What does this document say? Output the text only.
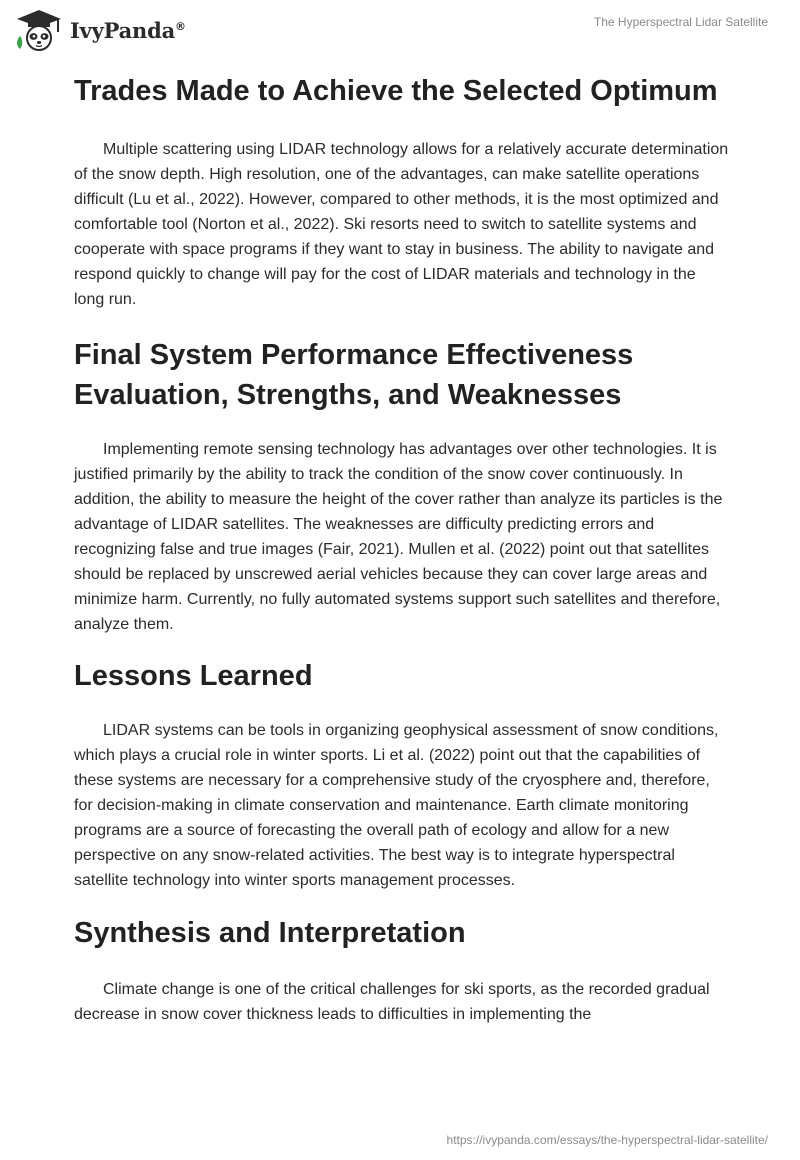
IvyPanda®	The Hyperspectral Lidar Satellite
Trades Made to Achieve the Selected Optimum

Multiple scattering using LIDAR technology allows for a relatively accurate determination of the snow depth. High resolution, one of the advantages, can make satellite operations difficult (Lu et al., 2022). However, compared to other methods, it is the most optimized and comfortable tool (Norton et al., 2022). Ski resorts need to switch to satellite systems and cooperate with space programs if they want to stay in business. The ability to navigate and respond quickly to change will pay for the cost of LIDAR materials and technology in the long run.

Final System Performance Effectiveness Evaluation, Strengths, and Weaknesses

Implementing remote sensing technology has advantages over other technologies. It is justified primarily by the ability to track the condition of the snow cover continuously. In addition, the ability to measure the height of the cover rather than analyze its particles is the advantage of LIDAR satellites. The weaknesses are difficulty predicting errors and recognizing false and true images (Fair, 2021). Mullen et al. (2022) point out that satellites should be replaced by unscrewed aerial vehicles because they can cover large areas and minimize harm. Currently, no fully automated systems support such satellites and therefore, analyze them.

Lessons Learned

LIDAR systems can be tools in organizing geophysical assessment of snow conditions, which plays a crucial role in winter sports. Li et al. (2022) point out that the capabilities of these systems are necessary for a comprehensive study of the cryosphere and, therefore, for decision-making in climate conservation and maintenance. Earth climate monitoring programs are a source of forecasting the overall path of ecology and allow for a new perspective on any snow-related activities. The best way is to integrate hyperspectral satellite technology into winter sports management processes.

Synthesis and Interpretation

Climate change is one of the critical challenges for ski sports, as the recorded gradual decrease in snow cover thickness leads to difficulties in implementing the

https://ivypanda.com/essays/the-hyperspectral-lidar-satellite/
